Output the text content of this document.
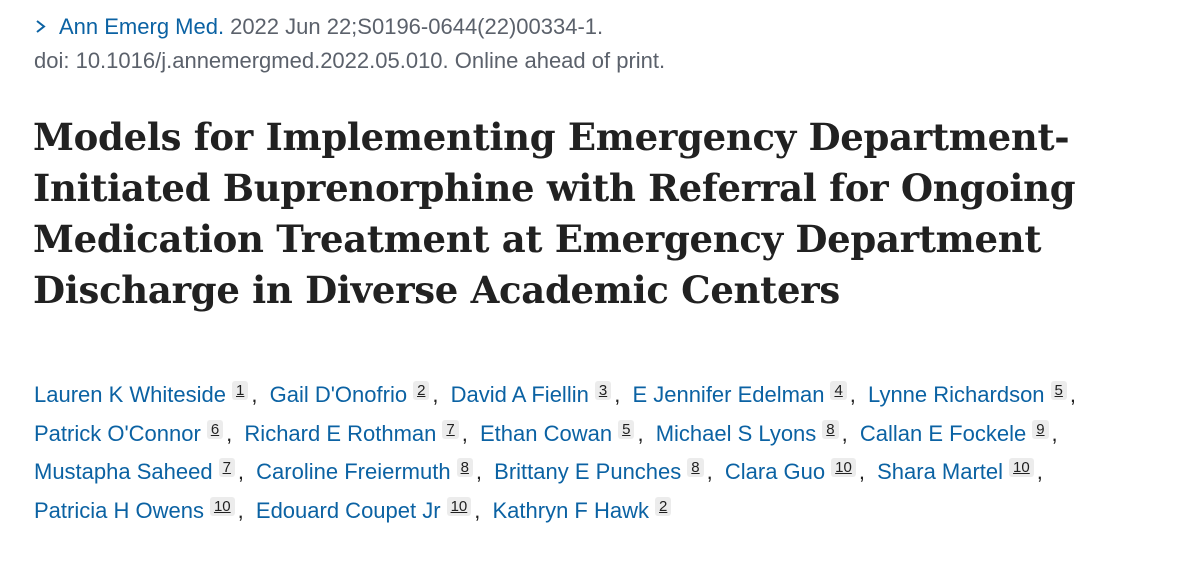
Ann Emerg Med. 2022 Jun 22;S0196-0644(22)00334-1.
doi: 10.1016/j.annemergmed.2022.05.010. Online ahead of print.
Models for Implementing Emergency Department-Initiated Buprenorphine with Referral for Ongoing Medication Treatment at Emergency Department Discharge in Diverse Academic Centers
Lauren K Whiteside 1 , Gail D'Onofrio 2 , David A Fiellin 3 , E Jennifer Edelman 4 , Lynne Richardson 5 , Patrick O'Connor 6 , Richard E Rothman 7 , Ethan Cowan 5 , Michael S Lyons 8 , Callan E Fockele 9 , Mustapha Saheed 7 , Caroline Freiermuth 8 , Brittany E Punches 8 , Clara Guo 10 , Shara Martel 10 , Patricia H Owens 10 , Edouard Coupet Jr 10 , Kathryn F Hawk 2
